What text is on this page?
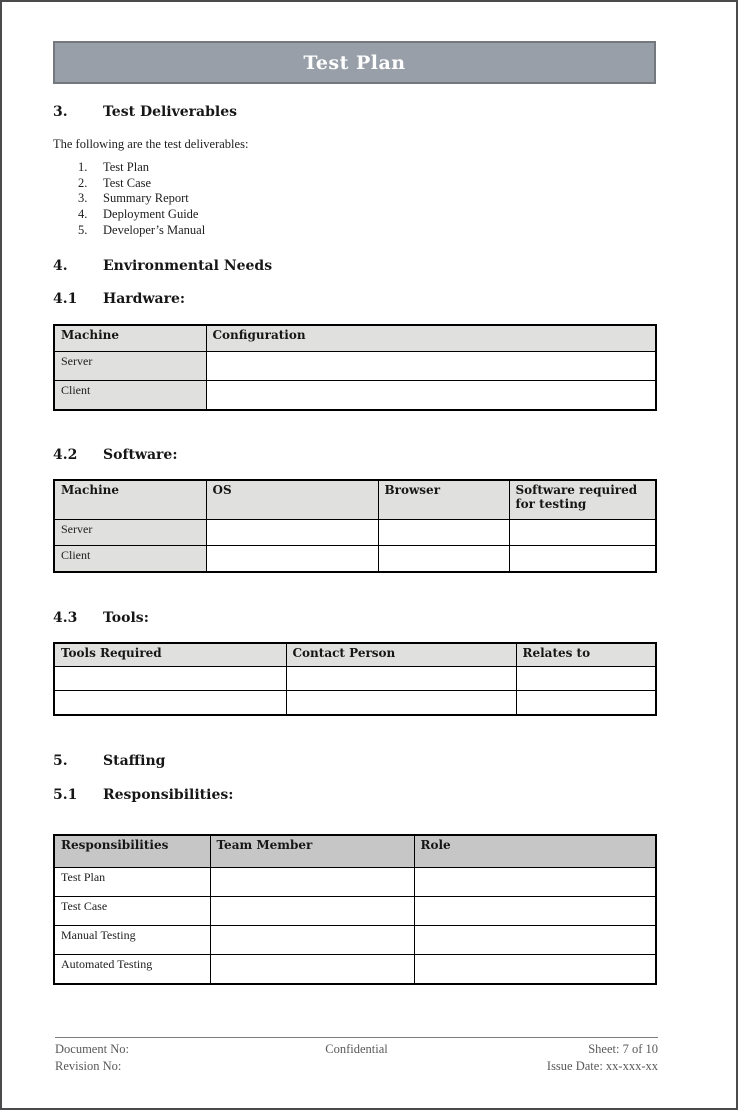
Test Plan
3.	Test Deliverables

The following are the test deliverables:

1.	Test Plan
2.	Test Case
3.	Summary Report
4.	Deployment Guide
5.	Developer’s Manual
4.	Environmental Needs
4.1	Hardware:
Machine	Configuration
Server	
Client	
4.2	Software:
Machine	OS	Browser	Software required for testing
Server			
Client			
4.3	Tools:
Tools Required	Contact Person	Relates to

5.	Staffing
5.1	Responsibilities:
Responsibilities	Team Member	Role
Test Plan		
Test Case		
Manual Testing		
Automated Testing		
Document No:
Revision No:
Confidential	Sheet: 7 of 10
Issue Date: xx-xxx-xx
